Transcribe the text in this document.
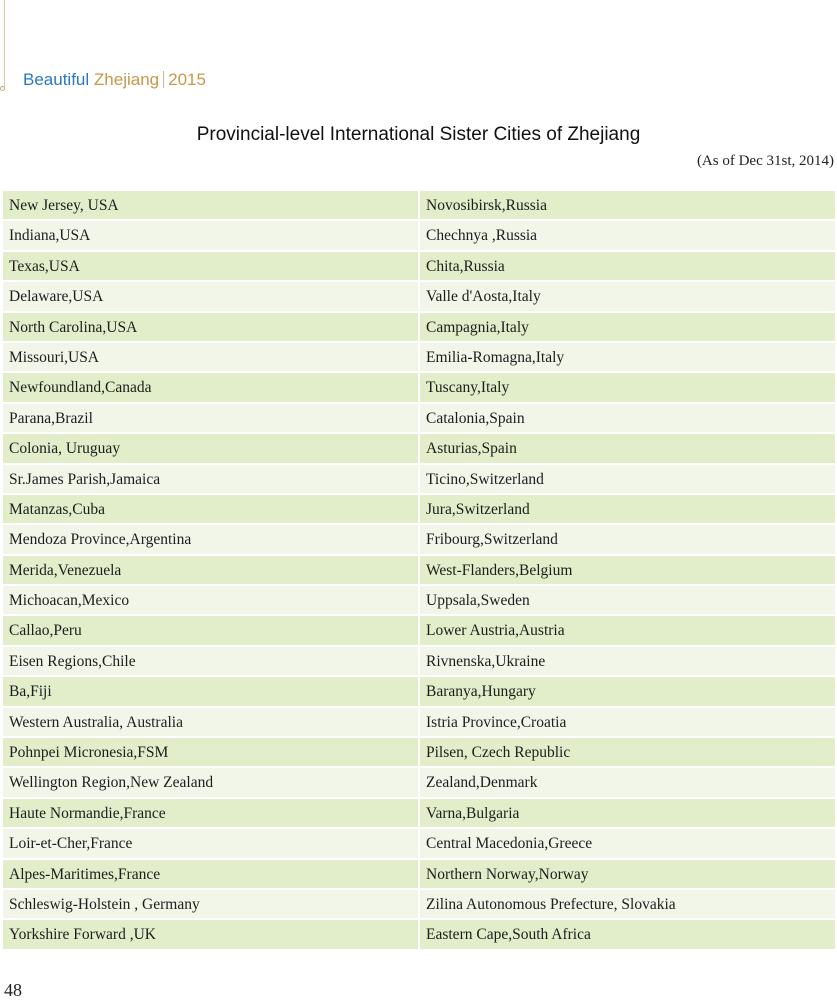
Beautiful Zhejiang 2015
Provincial-level International Sister Cities of Zhejiang
(As of Dec 31st, 2014)
New Jersey, USA	Novosibirsk,Russia
Indiana,USA	Chechnya ,Russia
Texas,USA	Chita,Russia
Delaware,USA	Valle d'Aosta,Italy
North Carolina,USA	Campagnia,Italy
Missouri,USA	Emilia-Romagna,Italy
Newfoundland,Canada	Tuscany,Italy
Parana,Brazil	Catalonia,Spain
Colonia, Uruguay	Asturias,Spain
Sr.James Parish,Jamaica	Ticino,Switzerland
Matanzas,Cuba	Jura,Switzerland
Mendoza Province,Argentina	Fribourg,Switzerland
Merida,Venezuela	West-Flanders,Belgium
Michoacan,Mexico	Uppsala,Sweden
Callao,Peru	Lower Austria,Austria
Eisen Regions,Chile	Rivnenska,Ukraine
Ba,Fiji	Baranya,Hungary
Western Australia, Australia	Istria Province,Croatia
Pohnpei Micronesia,FSM	Pilsen, Czech Republic
Wellington Region,New Zealand	Zealand,Denmark
Haute Normandie,France	Varna,Bulgaria
Loir-et-Cher,France	Central Macedonia,Greece
Alpes-Maritimes,France	Northern Norway,Norway
Schleswig-Holstein , Germany	Zilina Autonomous Prefecture, Slovakia
Yorkshire Forward ,UK	Eastern Cape,South Africa
48
